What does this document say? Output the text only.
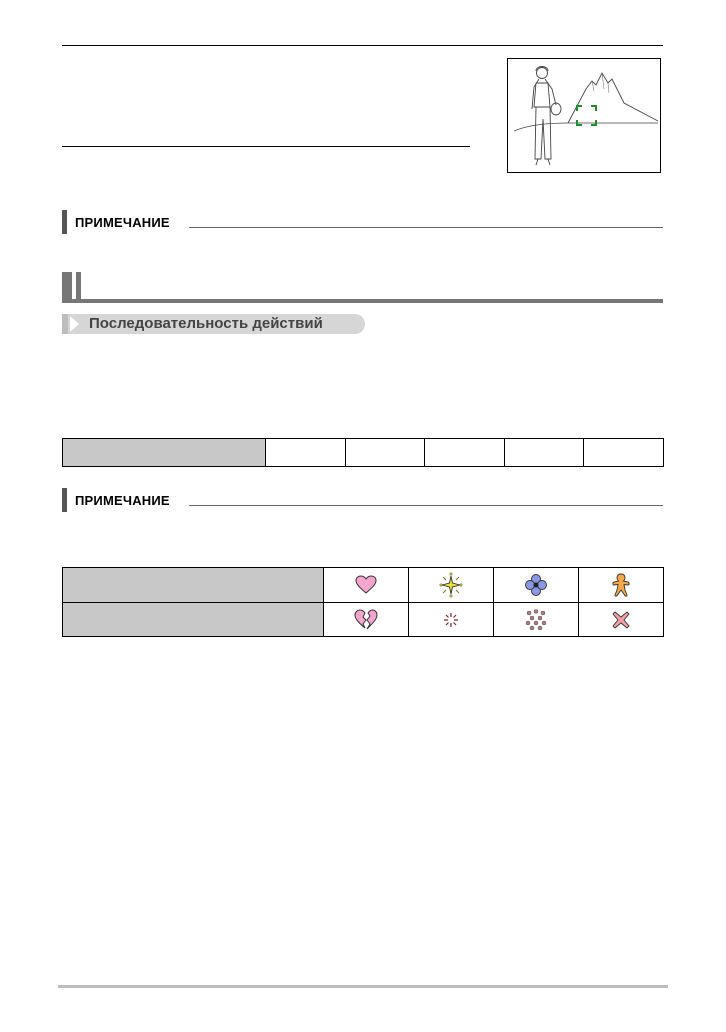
ПРИМЕЧАНИЕ
Последовательность действий

ПРИМЕЧАНИЕ
